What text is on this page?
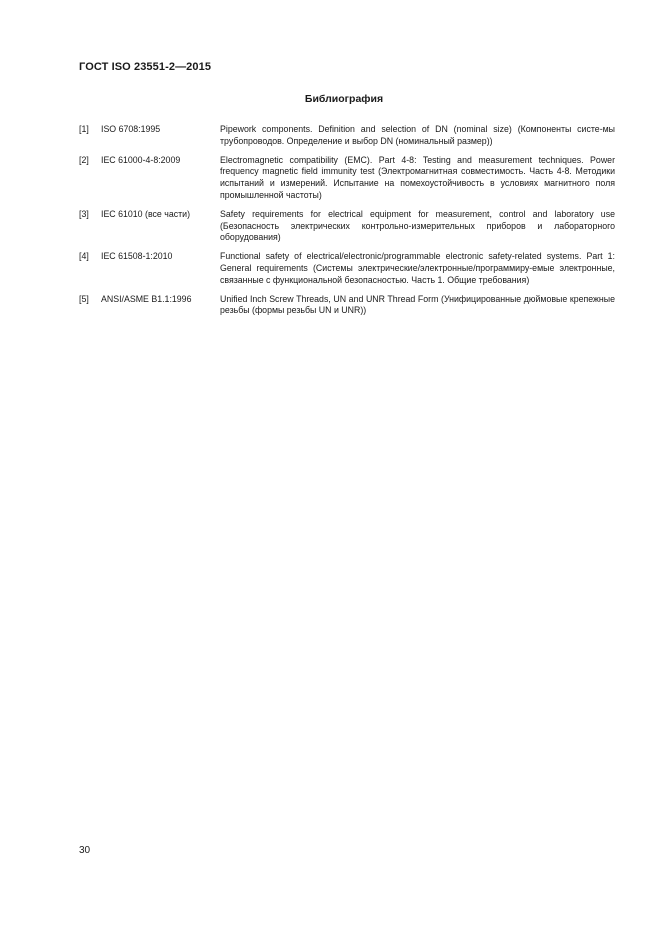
ГОСТ ISO 23551-2—2015
Библиография
[1] ISO 6708:1995	Pipework components. Definition and selection of DN (nominal size) (Компоненты систе-мы трубопроводов. Определение и выбор DN (номинальный размер))
[2] IEC 61000-4-8:2009	Electromagnetic compatibility (EMC). Part 4-8: Testing and measurement techniques. Power frequency magnetic field immunity test (Электромагнитная совместимость. Часть 4-8. Методики испытаний и измерений. Испытание на помехоустойчивость в условиях магнитного поля промышленной частоты)
[3] IEC 61010 (все части)	Safety requirements for electrical equipment for measurement, control and laboratory use (Безопасность электрических контрольно-измерительных приборов и лабораторного оборудования)
[4] IEC 61508-1:2010	Functional safety of electrical/electronic/programmable electronic safety-related systems. Part 1: General requirements (Системы электрические/электронные/программиру-емые электронные, связанные с функциональной безопасностью. Часть 1. Общие требования)
[5] ANSI/ASME B1.1:1996	Unified Inch Screw Threads, UN and UNR Thread Form (Унифицированные дюймовые крепежные резьбы (формы резьбы UN и UNR))
30
